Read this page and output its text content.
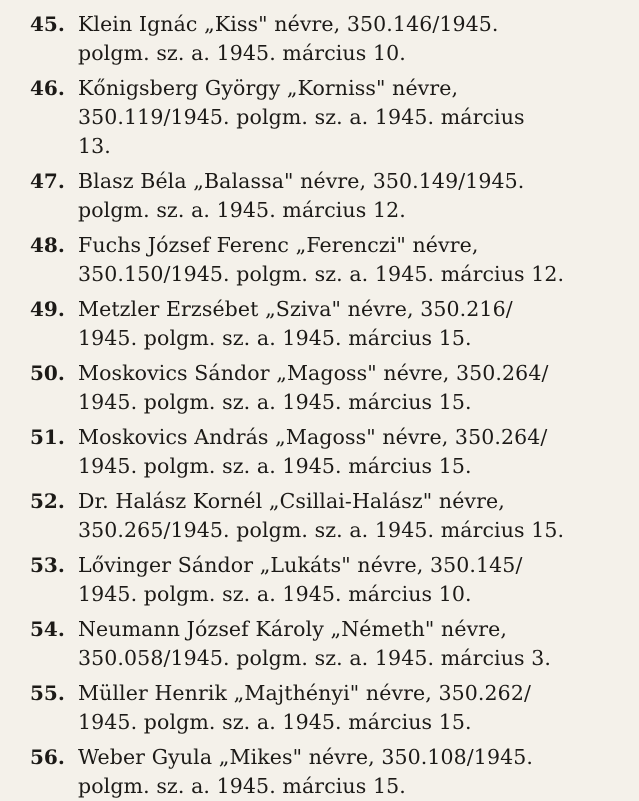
45. Klein Ignác „Kiss" névre, 350.146/1945.
polgm. sz. a. 1945. március 10.
46. Kőnigsberg György „Korniss" névre,
350.119/1945. polgm. sz. a. 1945. március
13.
47. Blasz Béla „Balassa" névre, 350.149/1945.
polgm. sz. a. 1945. március 12.
48. Fuchs József Ferenc „Ferenczi" névre,
350.150/1945. polgm. sz. a. 1945. március 12.
49. Metzler Erzsébet „Sziva" névre, 350.216/
1945. polgm. sz. a. 1945. március 15.
50. Moskovics Sándor „Magoss" névre, 350.264/
1945. polgm. sz. a. 1945. március 15.
51. Moskovics András „Magoss" névre, 350.264/
1945. polgm. sz. a. 1945. március 15.
52. Dr. Halász Kornél „Csillai-Halász" névre,
350.265/1945. polgm. sz. a. 1945. március 15.
53. Lővinger Sándor „Lukáts" névre, 350.145/
1945. polgm. sz. a. 1945. március 10.
54. Neumann József Károly „Németh" névre,
350.058/1945. polgm. sz. a. 1945. március 3.
55. Müller Henrik „Majthényi" névre, 350.262/
1945. polgm. sz. a. 1945. március 15.
56. Weber Gyula „Mikes" névre, 350.108/1945.
polgm. sz. a. 1945. március 15.
